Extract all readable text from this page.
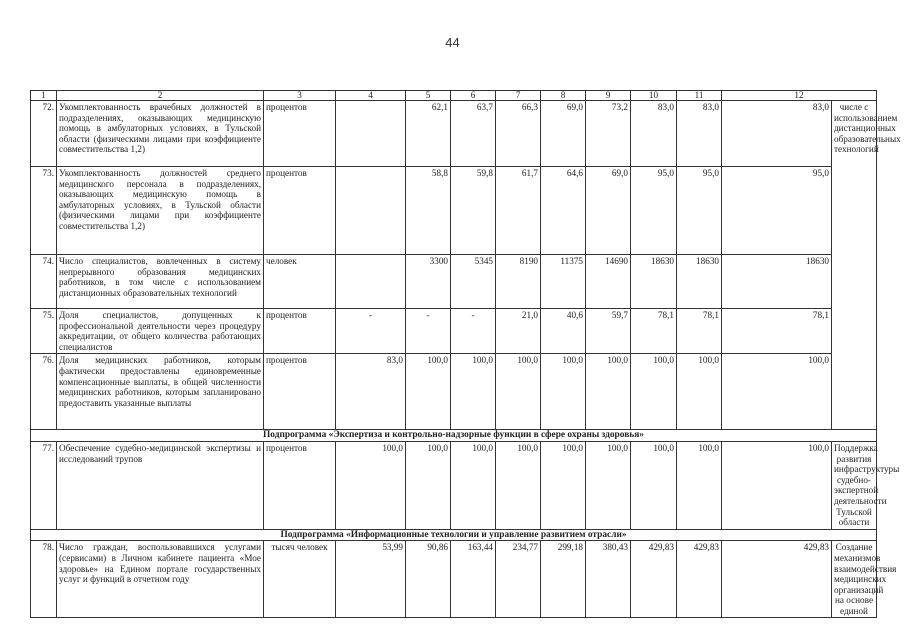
44
1	2	3	4	5	6	7	8	9	10	11	12	
72.	Укомплектованность врачебных должностей в подразделениях, оказывающих медицинскую помощь в амбулаторных условиях, в Тульской области (физическими лицами при коэффициенте совместительства 1,2)	процентов		62,1	63,7	66,3	69,0	73,2	83,0	83,0	83,0	числе с использованием дистанционных образовательных технологий
73.	Укомплектованность должностей среднего медицинского персонала в подразделениях, оказывающих медицинскую помощь в амбулаторных условиях, в Тульской области (физическими лицами при коэффициенте совместительства 1,2)	процентов		58,8	59,8	61,7	64,6	69,0	95,0	95,0	95,0	
74.	Число специалистов, вовлеченных в систему непрерывного образования медицинских работников, в том числе с использованием дистанционных образовательных технологий	человек		3300	5345	8190	11375	14690	18630	18630	18630	
75.	Доля специалистов, допущенных к профессиональной деятельности через процедуру аккредитации, от общего количества работающих специалистов	процентов	-	-	-	21,0	40,6	59,7	78,1	78,1	78,1	
76.	Доля медицинских работников, которым фактически предоставлены единовременные компенсационные выплаты, в общей численности медицинских работников, которым запланировано предоставить указанные выплаты	процентов	83,0	100,0	100,0	100,0	100,0	100,0	100,0	100,0	100,0	
Подпрограмма «Экспертиза и контрольно-надзорные функции в сфере охраны здоровья»												
77.	Обеспечение судебно-медицинской экспертизы и исследований трупов	процентов	100,0	100,0	100,0	100,0	100,0	100,0	100,0	100,0	100,0	Поддержка развития инфраструктуры судебно-экспертной деятельности Тульской области
Подпрограмма «Информационные технологии и управление развитием отрасли»												
78.	Число граждан, воспользовавшихся услугами (сервисами) в Личном кабинете пациента «Мое здоровье» на Едином портале государственных услуг и функций в отчетном году	тысяч человек	53,99	90,86	163,44	234,77	299,18	380,43	429,83	429,83	429,83	Создание механизмов взаимодействия медицинских организаций на основе единой
